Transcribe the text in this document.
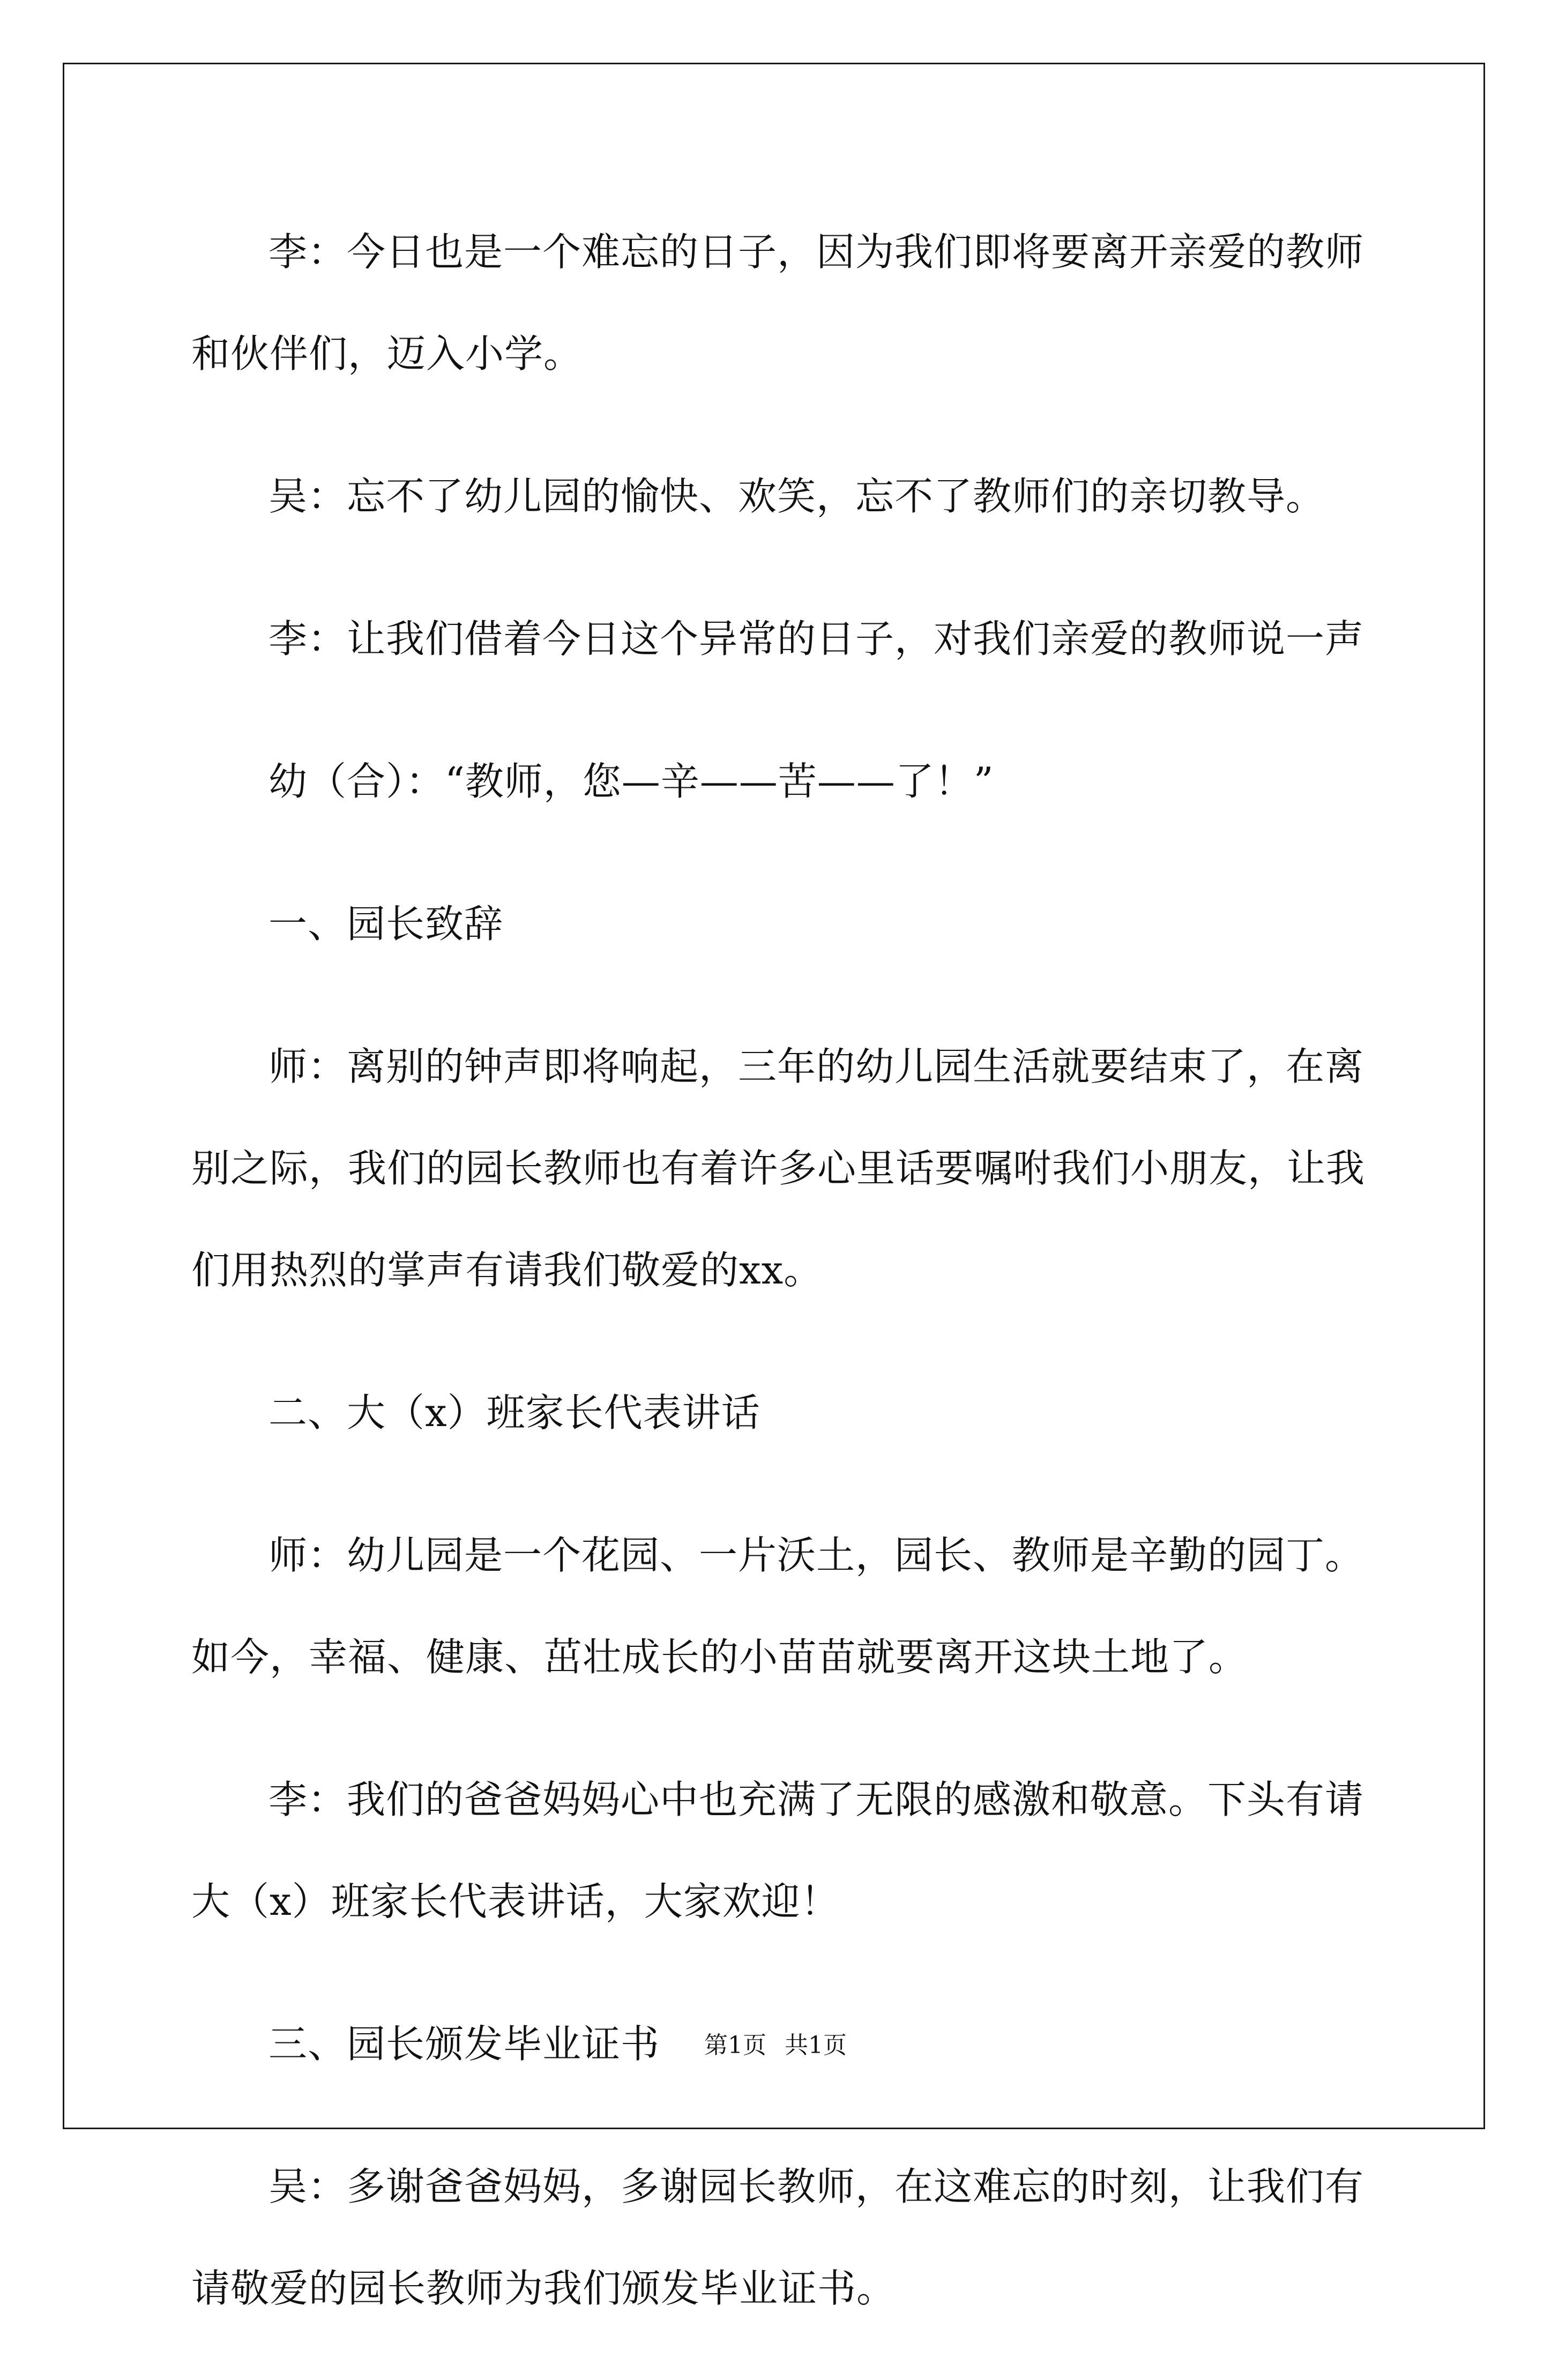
李：今日也是一个难忘的日子，因为我们即将要离开亲爱的教师和伙伴们，迈入小学。

吴：忘不了幼儿园的愉快、欢笑，忘不了教师们的亲切教导。

李：让我们借着今日这个异常的日子，对我们亲爱的教师说一声

幼（合）：“教师，您—辛——苦——了！”

一、园长致辞

师：离别的钟声即将响起，三年的幼儿园生活就要结束了，在离别之际，我们的园长教师也有着许多心里话要嘱咐我们小朋友，让我们用热烈的掌声有请我们敬爱的xx。

二、大（x）班家长代表讲话

师：幼儿园是一个花园、一片沃土，园长、教师是辛勤的园丁。如今，幸福、健康、茁壮成长的小苗苗就要离开这块土地了。

李：我们的爸爸妈妈心中也充满了无限的感激和敬意。下头有请大（x）班家长代表讲话，大家欢迎！

三、园长颁发毕业证书

吴：多谢爸爸妈妈，多谢园长教师，在这难忘的时刻，让我们有请敬爱的园长教师为我们颁发毕业证书。

第1页 共1页
